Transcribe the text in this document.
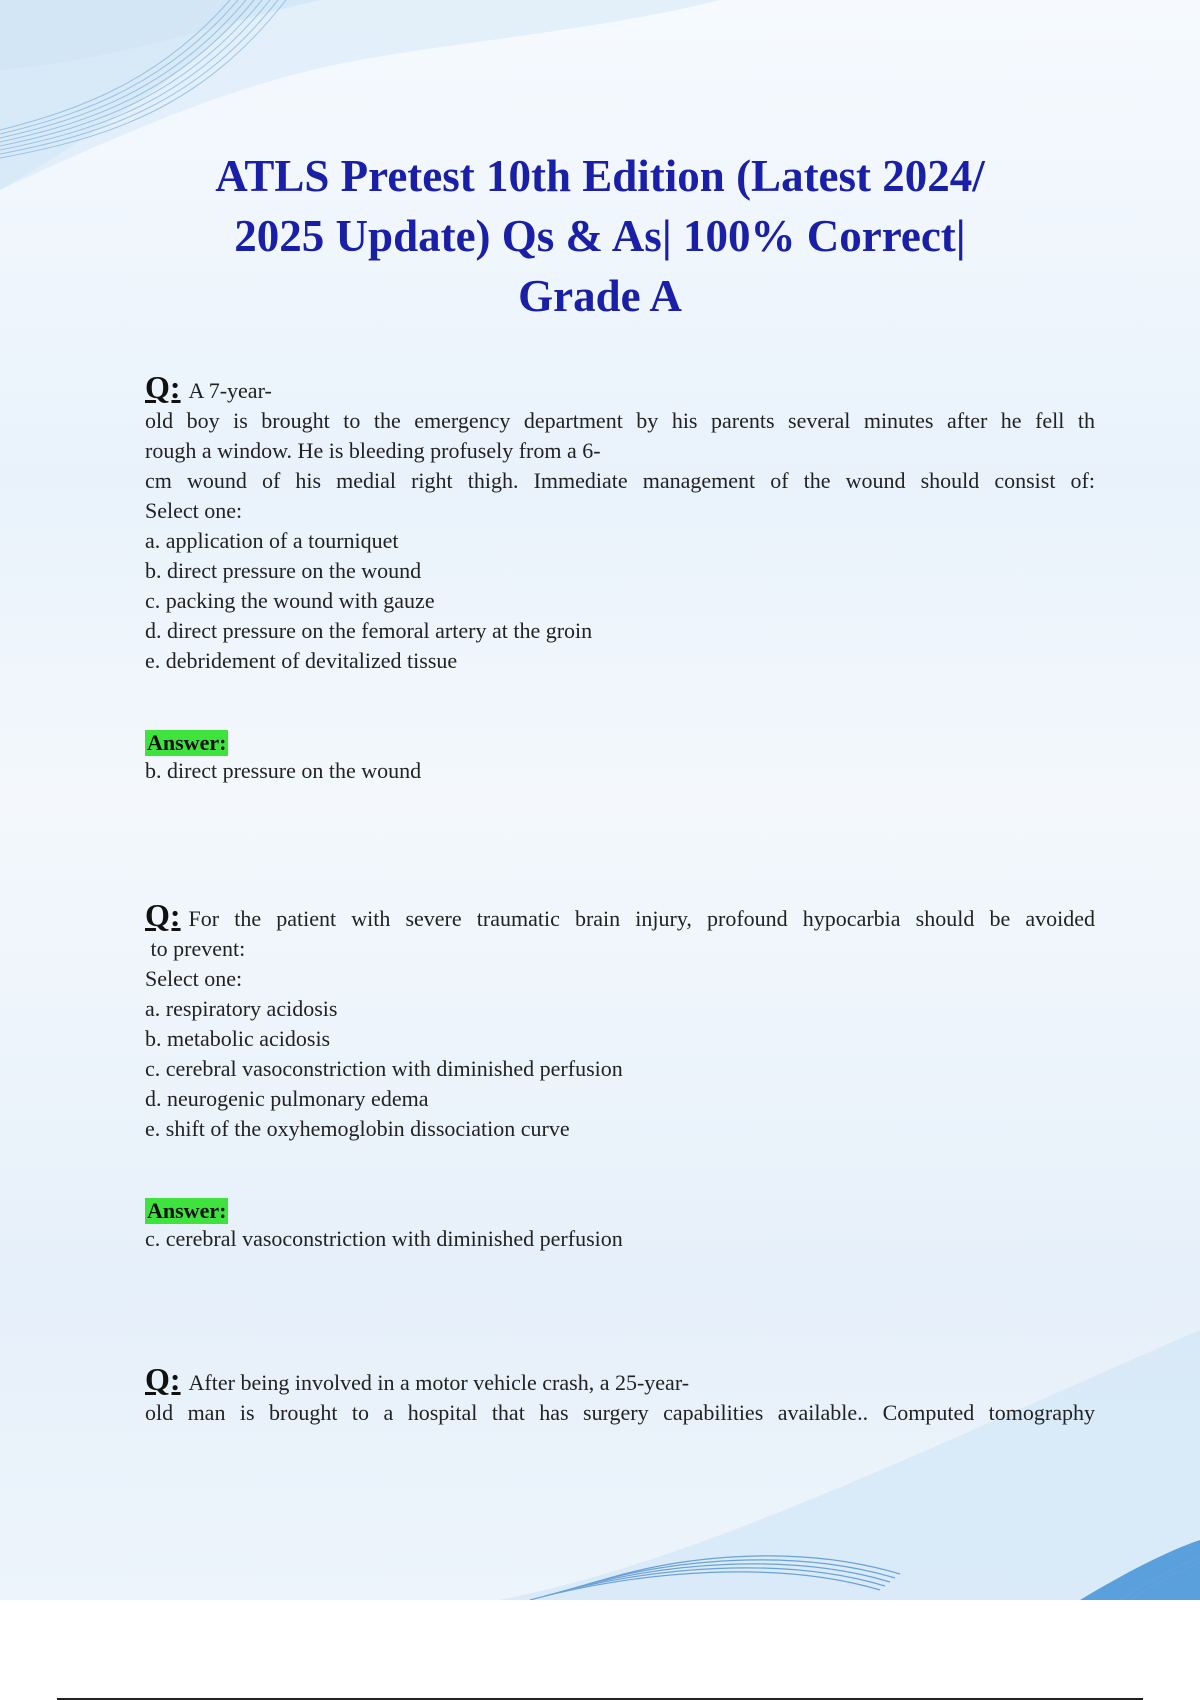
ATLS Pretest 10th Edition (Latest 2024/
2025 Update) Qs & As| 100% Correct|
Grade A
Q: A 7-year-
old boy is brought to the emergency department by his parents several minutes after he fell th
rough a window. He is bleeding profusely from a 6-
cm wound of his medial right thigh. Immediate management of the wound should consist of:
Select one:
a. application of a tourniquet
b. direct pressure on the wound
c. packing the wound with gauze
d. direct pressure on the femoral artery at the groin
e. debridement of devitalized tissue
Answer:
b. direct pressure on the wound
Q: For the patient with severe traumatic brain injury, profound hypocarbia should be avoided
to prevent:
Select one:
a. respiratory acidosis
b. metabolic acidosis
c. cerebral vasoconstriction with diminished perfusion
d. neurogenic pulmonary edema
e. shift of the oxyhemoglobin dissociation curve
Answer:
c. cerebral vasoconstriction with diminished perfusion
Q: After being involved in a motor vehicle crash, a 25-year-
old man is brought to a hospital that has surgery capabilities available.. Computed tomography
